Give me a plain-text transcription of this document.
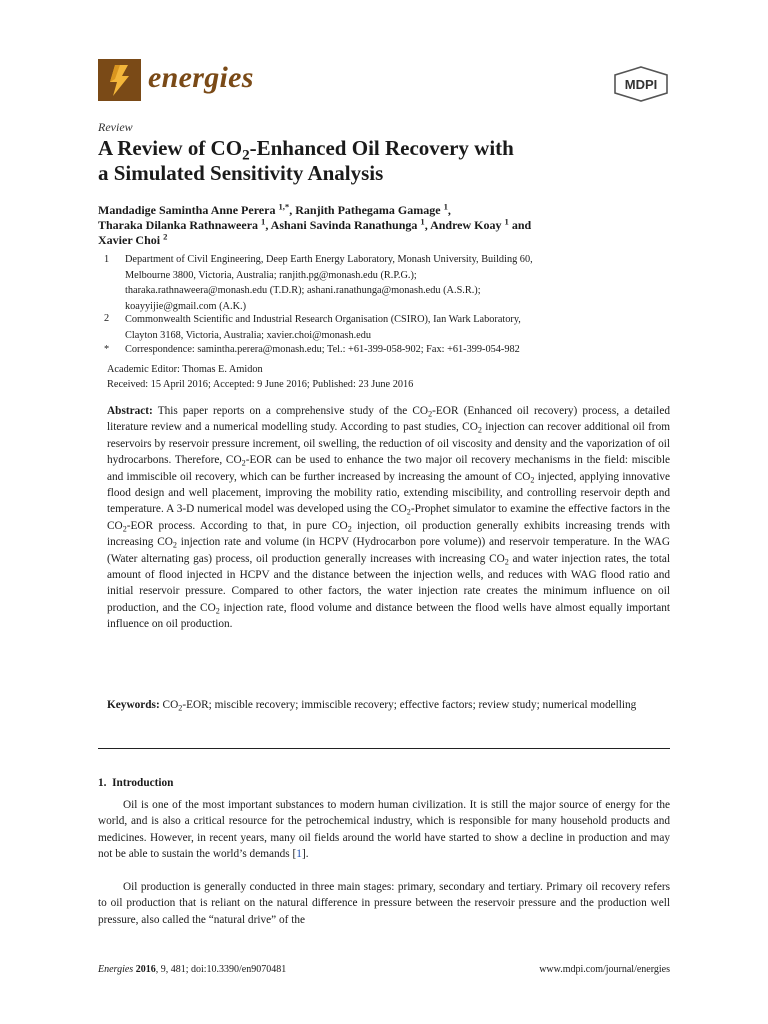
energies	MDPI
Review
A Review of $CO_2$-Enhanced Oil Recovery with
a Simulated Sensitivity Analysis

Mandadige Samintha Anne Perera $^{1,*}$, Ranjith Pathegama Gamage $^1$,
Tharaka Dilanka Rathnaweera $^1$, Ashani Savinda Ranathunga $^1$, Andrew Koay $^1$ and
Xavier Choi $^2$

1 Department of Civil Engineering, Deep Earth Energy Laboratory, Monash University, Building 60,
Melbourne 3800, Victoria, Australia; ranjith.pg@monash.edu (R.P.G.);
tharaka.rathnaweera@monash.edu (T.D.R); ashani.ranathunga@monash.edu (A.S.R.);
koayyijie@gmail.com (A.K.)
2 Commonwealth Scientific and Industrial Research Organisation (CSIRO), Ian Wark Laboratory,
Clayton 3168, Victoria, Australia; xavier.choi@monash.edu
* Correspondence: samintha.perera@monash.edu; Tel.: +61-399-058-902; Fax: +61-399-054-982
Academic Editor: Thomas E. Amidon
Received: 15 April 2016; Accepted: 9 June 2016; Published: 23 June 2016

Abstract: This paper reports on a comprehensive study of the $CO_2$-EOR (Enhanced oil recovery) process, a detailed literature review and a numerical modelling study. According to past studies, $CO_2$ injection can recover additional oil from reservoirs by reservoir pressure increment, oil swelling, the reduction of oil viscosity and density and the vaporization of oil hydrocarbons. Therefore, $CO_2$-EOR can be used to enhance the two major oil recovery mechanisms in the field: miscible and immiscible oil recovery, which can be further increased by increasing the amount of $CO_2$ injected, applying innovative flood design and well placement, improving the mobility ratio, extending miscibility, and controlling reservoir depth and temperature. A 3-D numerical model was developed using the $CO_2$-Prophet simulator to examine the effective factors in the $CO_2$-EOR process. According to that, in pure $CO_2$ injection, oil production generally exhibits increasing trends with increasing $CO_2$ injection rate and volume (in HCPV (Hydrocarbon pore volume)) and reservoir temperature. In the WAG (Water alternating gas) process, oil production generally increases with increasing $CO_2$ and water injection rates, the total amount of flood injected in HCPV and the distance between the injection wells, and reduces with WAG flood ratio and initial reservoir pressure. Compared to other factors, the water injection rate creates the minimum influence on oil production, and the $CO_2$ injection rate, flood volume and distance between the flood wells have almost equally important influence on oil production.

Keywords: $CO_2$-EOR; miscible recovery; immiscible recovery; effective factors; review study; numerical modelling

1. Introduction

Oil is one of the most important substances to modern human civilization. It is still the major source of energy for the world, and is also a critical resource for the petrochemical industry, which is responsible for many household products and medicines. However, in recent years, many oil fields around the world have started to show a decline in production and may not be able to sustain the world’s demands [1].

Oil production is generally conducted in three main stages: primary, secondary and tertiary. Primary oil recovery refers to oil production that is reliant on the natural difference in pressure between the reservoir pressure and the production well pressure, also called the “natural drive” of the

Energies 2016, 9, 481; doi:10.3390/en9070481	www.mdpi.com/journal/energies
